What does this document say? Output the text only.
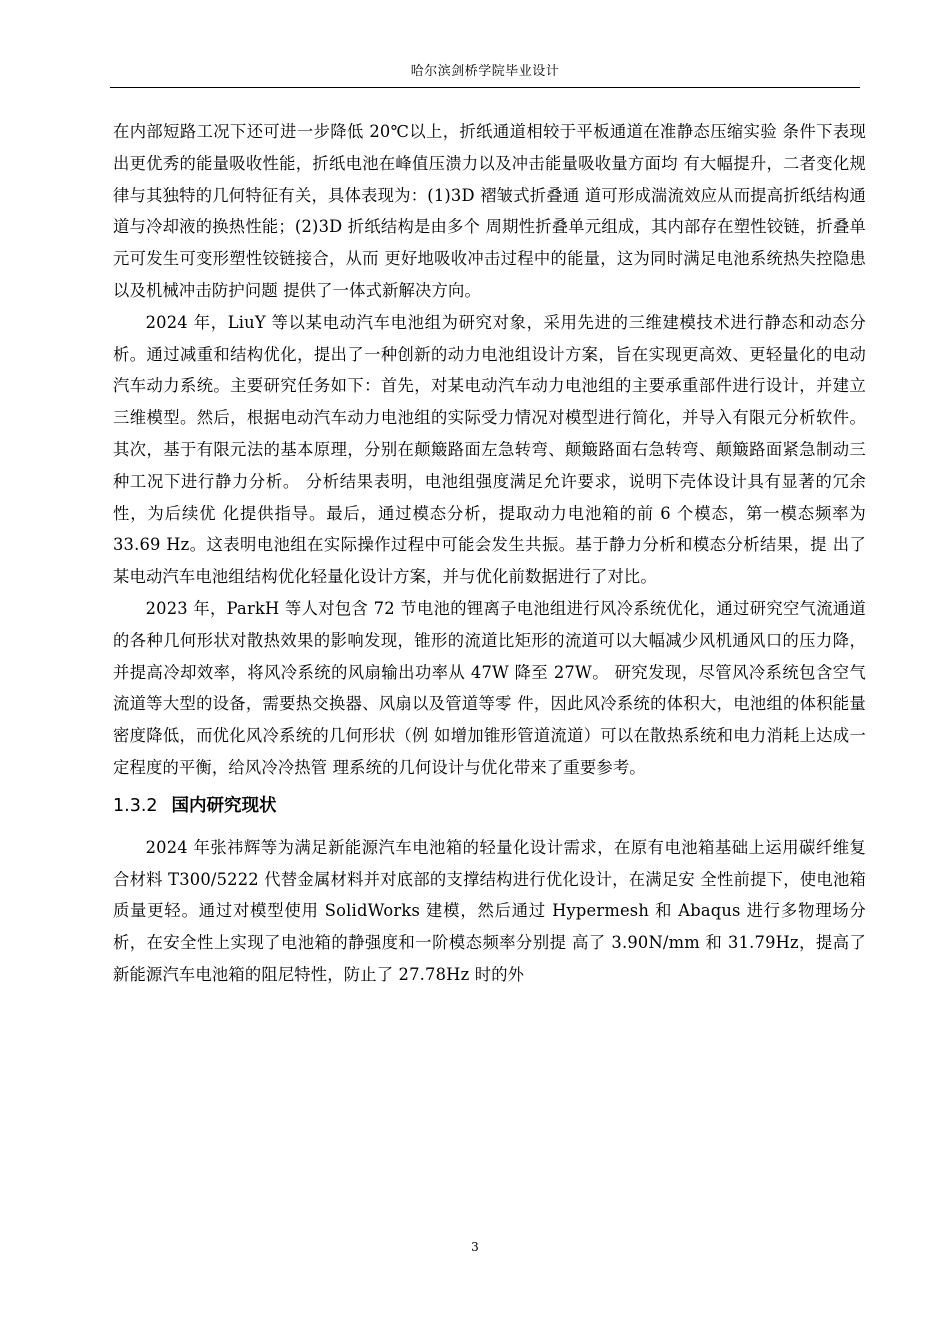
哈尔滨剑桥学院毕业设计

在内部短路工况下还可进一步降低 20℃以上，折纸通道相较于平板通道在准静态压缩实验 条件下表现出更优秀的能量吸收性能，折纸电池在峰值压溃力以及冲击能量吸收量方面均 有大幅提升，二者变化规律与其独特的几何特征有关，具体表现为：(1)3D 褶皱式折叠通 道可形成湍流效应从而提高折纸结构通道与冷却液的换热性能；(2)3D 折纸结构是由多个 周期性折叠单元组成，其内部存在塑性铰链，折叠单元可发生可变形塑性铰链接合，从而 更好地吸收冲击过程中的能量，这为同时满足电池系统热失控隐患以及机械冲击防护问题 提供了一体式新解决方向。

2024 年，LiuY 等以某电动汽车电池组为研究对象，采用先进的三维建模技术进行静态和动态分析。通过减重和结构优化，提出了一种创新的动力电池组设计方案，旨在实现更高效、更轻量化的电动汽车动力系统。主要研究任务如下：首先，对某电动汽车动力电池组的主要承重部件进行设计，并建立三维模型。然后，根据电动汽车动力电池组的实际受力情况对模型进行简化，并导入有限元分析软件。其次，基于有限元法的基本原理，分别在颠簸路面左急转弯、颠簸路面右急转弯、颠簸路面紧急制动三种工况下进行静力分析。 分析结果表明，电池组强度满足允许要求，说明下壳体设计具有显著的冗余性，为后续优 化提供指导。最后，通过模态分析，提取动力电池箱的前 6 个模态，第一模态频率为 33.69 Hz。这表明电池组在实际操作过程中可能会发生共振。基于静力分析和模态分析结果，提 出了某电动汽车电池组结构优化轻量化设计方案，并与优化前数据进行了对比。

2023 年，ParkH 等人对包含 72 节电池的锂离子电池组进行风冷系统优化，通过研究空气流通道的各种几何形状对散热效果的影响发现，锥形的流道比矩形的流道可以大幅减少风机通风口的压力降，并提高冷却效率，将风冷系统的风扇输出功率从 47W 降至 27W。 研究发现，尽管风冷系统包含空气流道等大型的设备，需要热交换器、风扇以及管道等零 件，因此风冷系统的体积大，电池组的体积能量密度降低，而优化风冷系统的几何形状（例 如增加锥形管道流道）可以在散热系统和电力消耗上达成一定程度的平衡，给风冷冷热管 理系统的几何设计与优化带来了重要参考。

1.3.2 国内研究现状

2024 年张祎辉等为满足新能源汽车电池箱的轻量化设计需求，在原有电池箱基础上运用碳纤维复合材料 T300/5222 代替金属材料并对底部的支撑结构进行优化设计，在满足安 全性前提下，使电池箱质量更轻。通过对模型使用 SolidWorks 建模，然后通过 Hypermesh 和 Abaqus 进行多物理场分析，在安全性上实现了电池箱的静强度和一阶模态频率分别提 高了 3.90N/mm 和 31.79Hz，提高了新能源汽车电池箱的阻尼特性，防止了 27.78Hz 时的外

3
